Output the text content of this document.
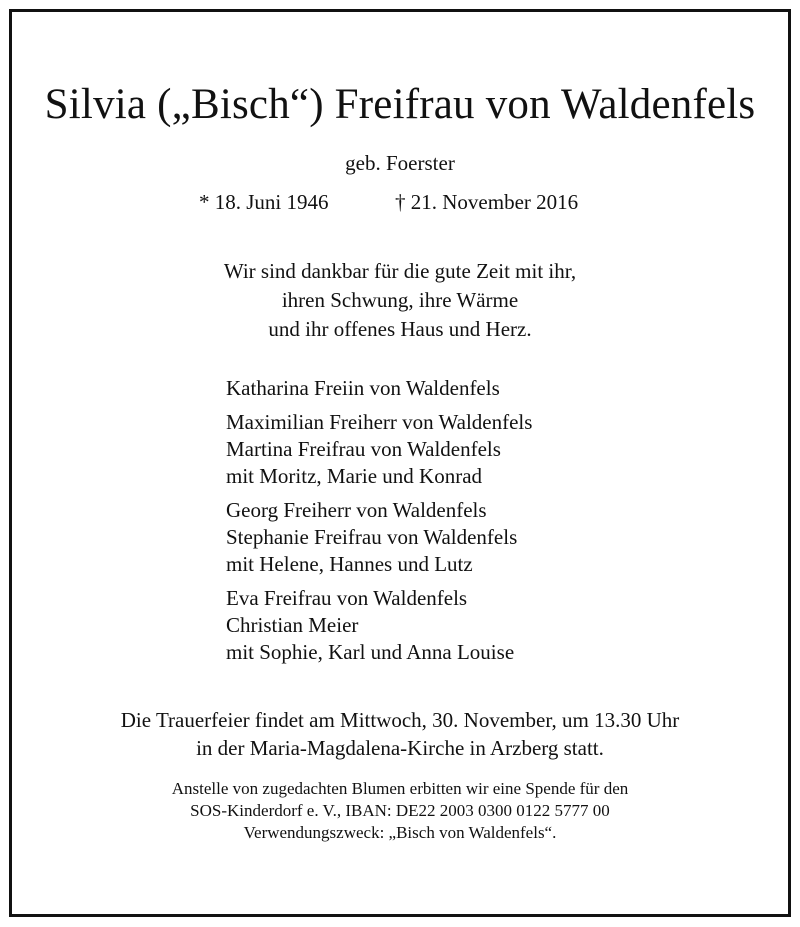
Silvia („Bisch“) Freifrau von Waldenfels
geb. Foerster
* 18. Juni 1946	† 21. November 2016
Wir sind dankbar für die gute Zeit mit ihr,
ihren Schwung, ihre Wärme
und ihr offenes Haus und Herz.
Katharina Freiin von Waldenfels
Maximilian Freiherr von Waldenfels
Martina Freifrau von Waldenfels
mit Moritz, Marie und Konrad
Georg Freiherr von Waldenfels
Stephanie Freifrau von Waldenfels
mit Helene, Hannes und Lutz
Eva Freifrau von Waldenfels
Christian Meier
mit Sophie, Karl und Anna Louise
Die Trauerfeier findet am Mittwoch, 30. November, um 13.30 Uhr
in der Maria-Magdalena-Kirche in Arzberg statt.
Anstelle von zugedachten Blumen erbitten wir eine Spende für den
SOS-Kinderdorf e. V., IBAN: DE22 2003 0300 0122 5777 00
Verwendungszweck: „Bisch von Waldenfels“.
